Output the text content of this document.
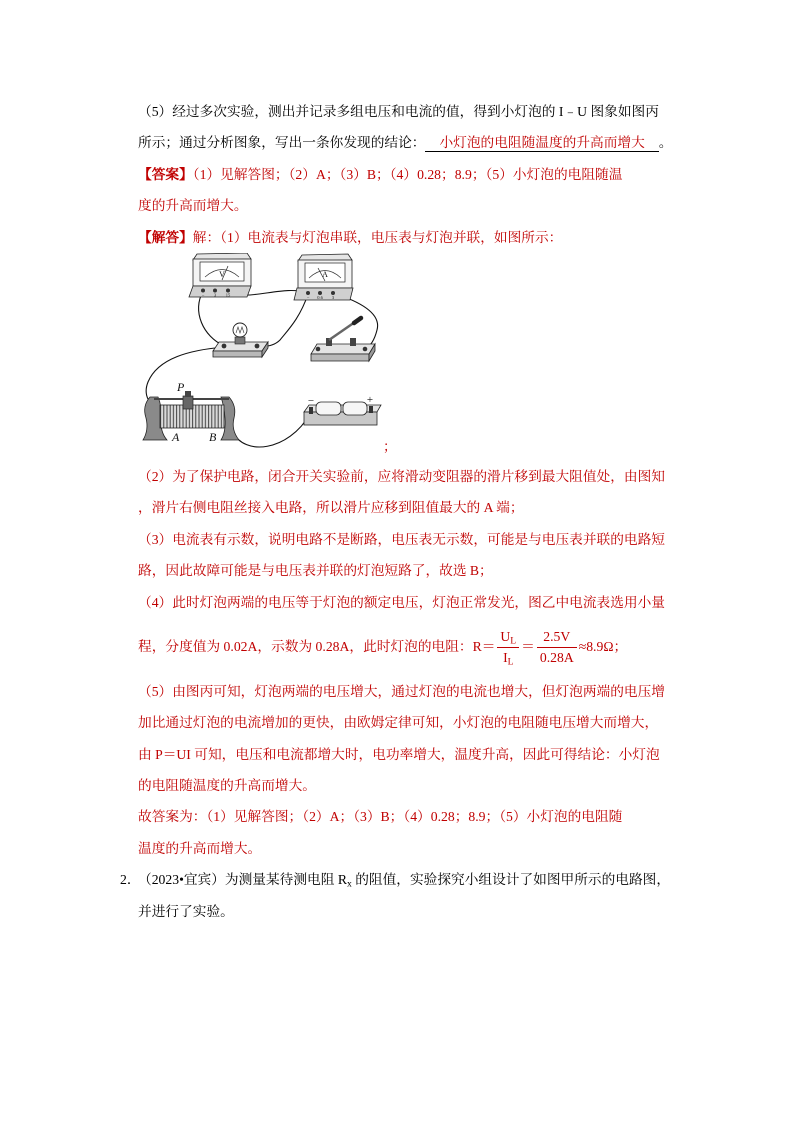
（5）经过多次实验，测出并记录多组电压和电流的值，得到小灯泡的 I﹣U 图象如图丙
所示；通过分析图象，写出一条你发现的结论： 小灯泡的电阻随温度的升高而增大 。
【答案】（1）见解答图；（2）A；（3）B；（4）0.28；8.9；（5）小灯泡的电阻随温
度的升高而增大。
【解答】解：（1）电流表与灯泡串联，电压表与灯泡并联，如图所示：
V
− 3 15
A
− 0.6 3
−	+
P
A B
；
（2）为了保护电路，闭合开关实验前，应将滑动变阻器的滑片移到最大阻值处，由图知
，滑片右侧电阻丝接入电路，所以滑片应移到阻值最大的 A 端；
（3）电流表有示数，说明电路不是断路，电压表无示数，可能是与电压表并联的电路短
路，因此故障可能是与电压表并联的灯泡短路了，故选 B；
（4）此时灯泡两端的电压等于灯泡的额定电压，灯泡正常发光，图乙中电流表选用小量
程，分度值为 0.02A，示数为 0.28A，此时灯泡的电阻：$R= \frac{U_L}{I_L} = \frac{2.5V}{0.28A} \approx 8.9\Omega$；
（5）由图丙可知，灯泡两端的电压增大，通过灯泡的电流也增大，但灯泡两端的电压增
加比通过灯泡的电流增加的更快，由欧姆定律可知，小灯泡的电阻随电压增大而增大，
由 P＝UI 可知，电压和电流都增大时，电功率增大，温度升高，因此可得结论：小灯泡
的电阻随温度的升高而增大。
故答案为：（1）见解答图；（2）A；（3）B；（4）0.28；8.9；（5）小灯泡的电阻随
温度的升高而增大。
2．（2023•宜宾）为测量某待测电阻 $R_x$ 的阻值，实验探究小组设计了如图甲所示的电路图，
并进行了实验。
